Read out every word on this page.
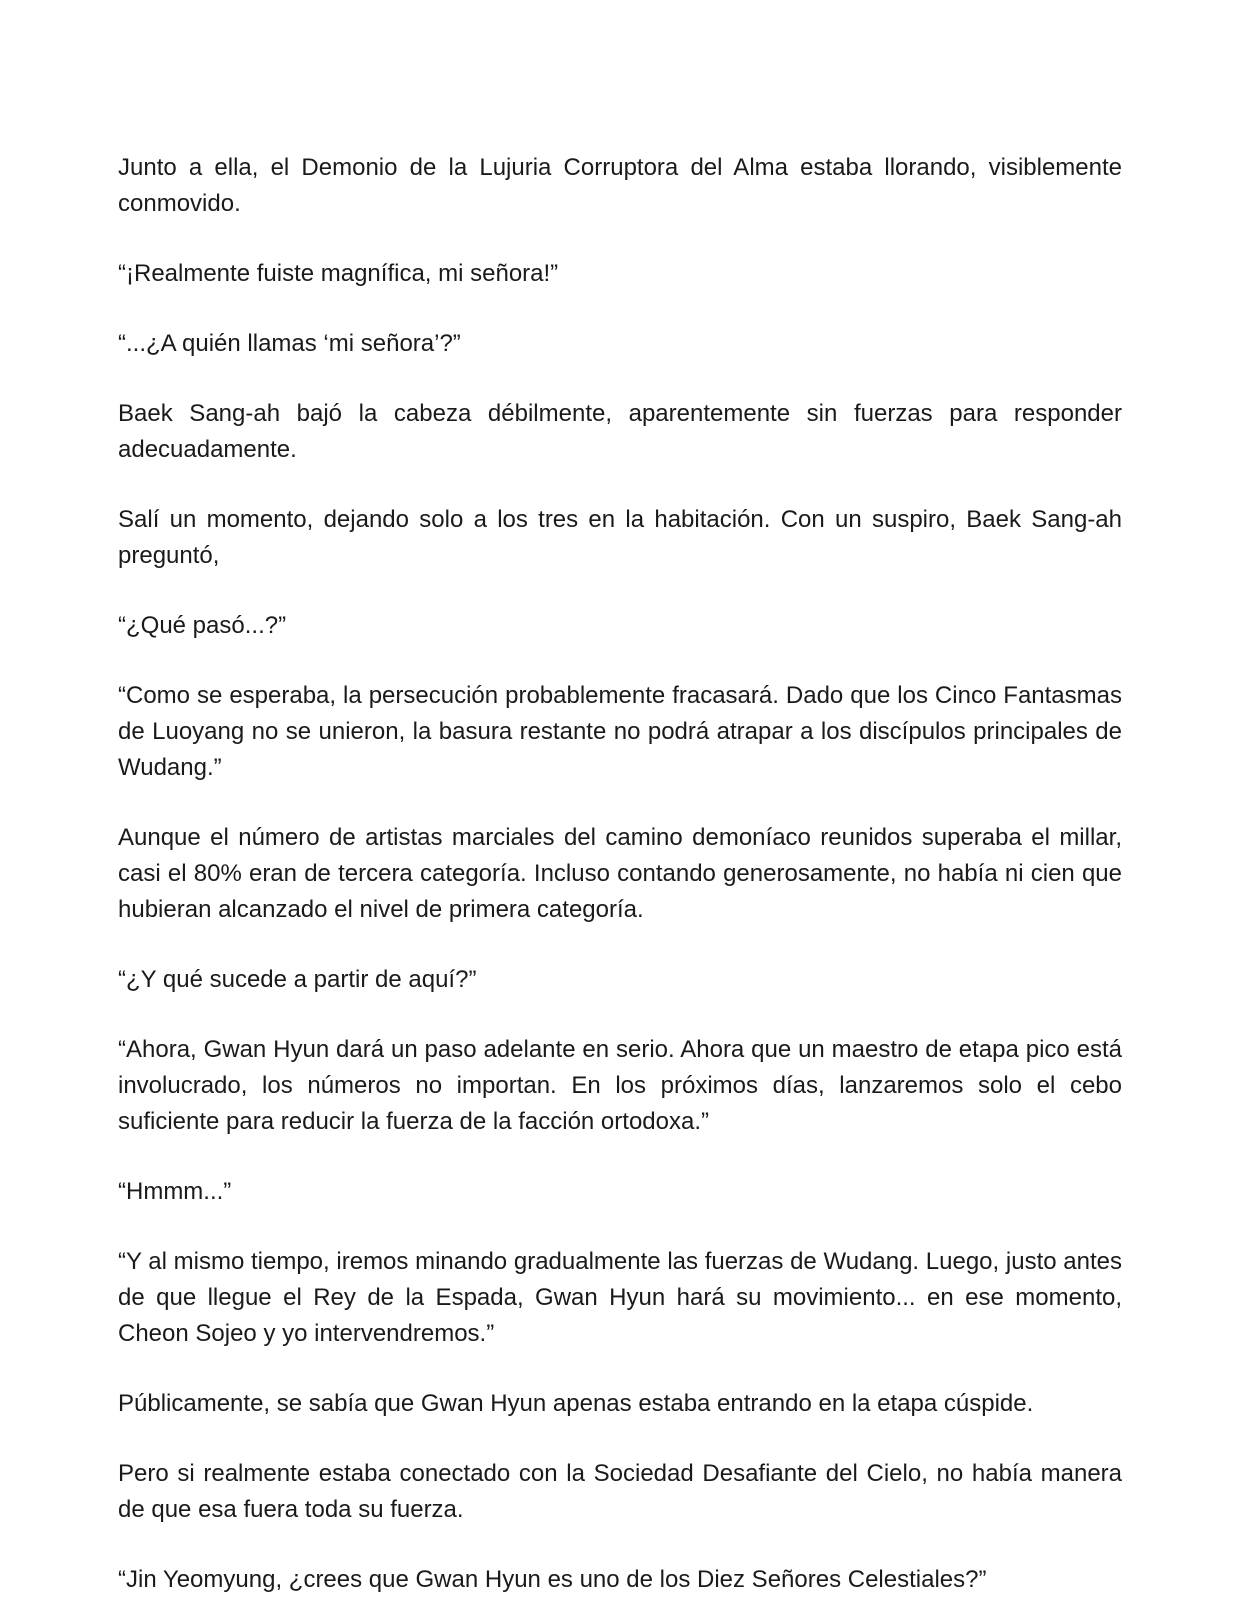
Junto a ella, el Demonio de la Lujuria Corruptora del Alma estaba llorando, visiblemente conmovido.

“¡Realmente fuiste magnífica, mi señora!”

“...¿A quién llamas ‘mi señora’?”

Baek Sang-ah bajó la cabeza débilmente, aparentemente sin fuerzas para responder adecuadamente.

Salí un momento, dejando solo a los tres en la habitación. Con un suspiro, Baek Sang-ah preguntó,

“¿Qué pasó...?”

“Como se esperaba, la persecución probablemente fracasará. Dado que los Cinco Fantasmas de Luoyang no se unieron, la basura restante no podrá atrapar a los discípulos principales de Wudang.”

Aunque el número de artistas marciales del camino demoníaco reunidos superaba el millar, casi el 80% eran de tercera categoría. Incluso contando generosamente, no había ni cien que hubieran alcanzado el nivel de primera categoría.

“¿Y qué sucede a partir de aquí?”

“Ahora, Gwan Hyun dará un paso adelante en serio. Ahora que un maestro de etapa pico está involucrado, los números no importan. En los próximos días, lanzaremos solo el cebo suficiente para reducir la fuerza de la facción ortodoxa.”

“Hmmm...”

“Y al mismo tiempo, iremos minando gradualmente las fuerzas de Wudang. Luego, justo antes de que llegue el Rey de la Espada, Gwan Hyun hará su movimiento... en ese momento, Cheon Sojeo y yo intervendremos.”

Públicamente, se sabía que Gwan Hyun apenas estaba entrando en la etapa cúspide.

Pero si realmente estaba conectado con la Sociedad Desafiante del Cielo, no había manera de que esa fuera toda su fuerza.

“Jin Yeomyung, ¿crees que Gwan Hyun es uno de los Diez Señores Celestiales?”
